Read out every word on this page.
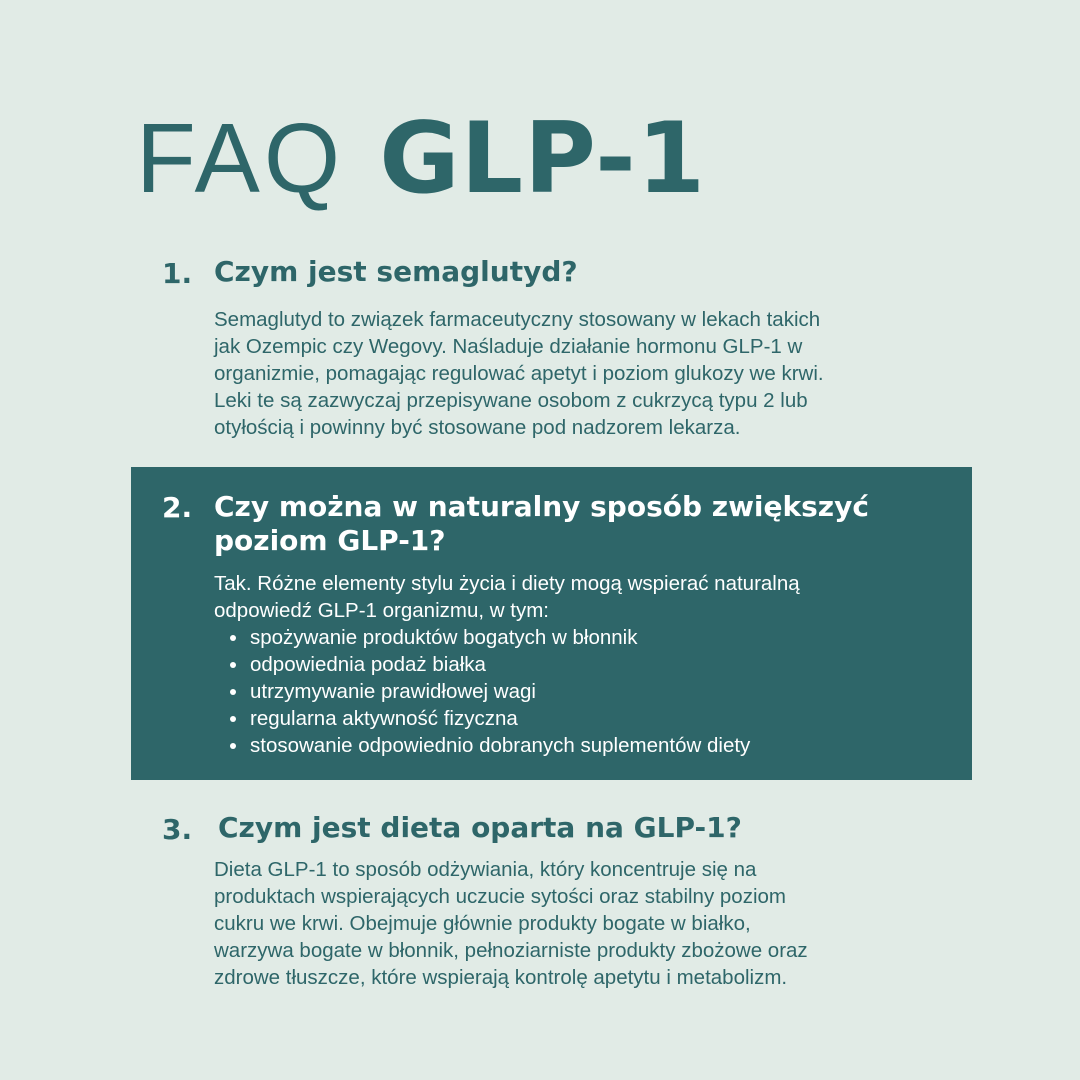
FAQ GLP-1
1. Czym jest semaglutyd?
Semaglutyd to związek farmaceutyczny stosowany w lekach takich
jak Ozempic czy Wegovy. Naśladuje działanie hormonu GLP-1 w
organizmie, pomagając regulować apetyt i poziom glukozy we krwi.
Leki te są zazwyczaj przepisywane osobom z cukrzycą typu 2 lub
otyłością i powinny być stosowane pod nadzorem lekarza.
2. Czy można w naturalny sposób zwiększyć
poziom GLP-1?
Tak. Różne elementy stylu życia i diety mogą wspierać naturalną
odpowiedź GLP-1 organizmu, w tym:
spożywanie produktów bogatych w błonnik
odpowiednia podaż białka
utrzymywanie prawidłowej wagi
regularna aktywność fizyczna
stosowanie odpowiednio dobranych suplementów diety
3. Czym jest dieta oparta na GLP-1?
Dieta GLP-1 to sposób odżywiania, który koncentruje się na
produktach wspierających uczucie sytości oraz stabilny poziom
cukru we krwi. Obejmuje głównie produkty bogate w białko,
warzywa bogate w błonnik, pełnoziarniste produkty zbożowe oraz
zdrowe tłuszcze, które wspierają kontrolę apetytu i metabolizm.
